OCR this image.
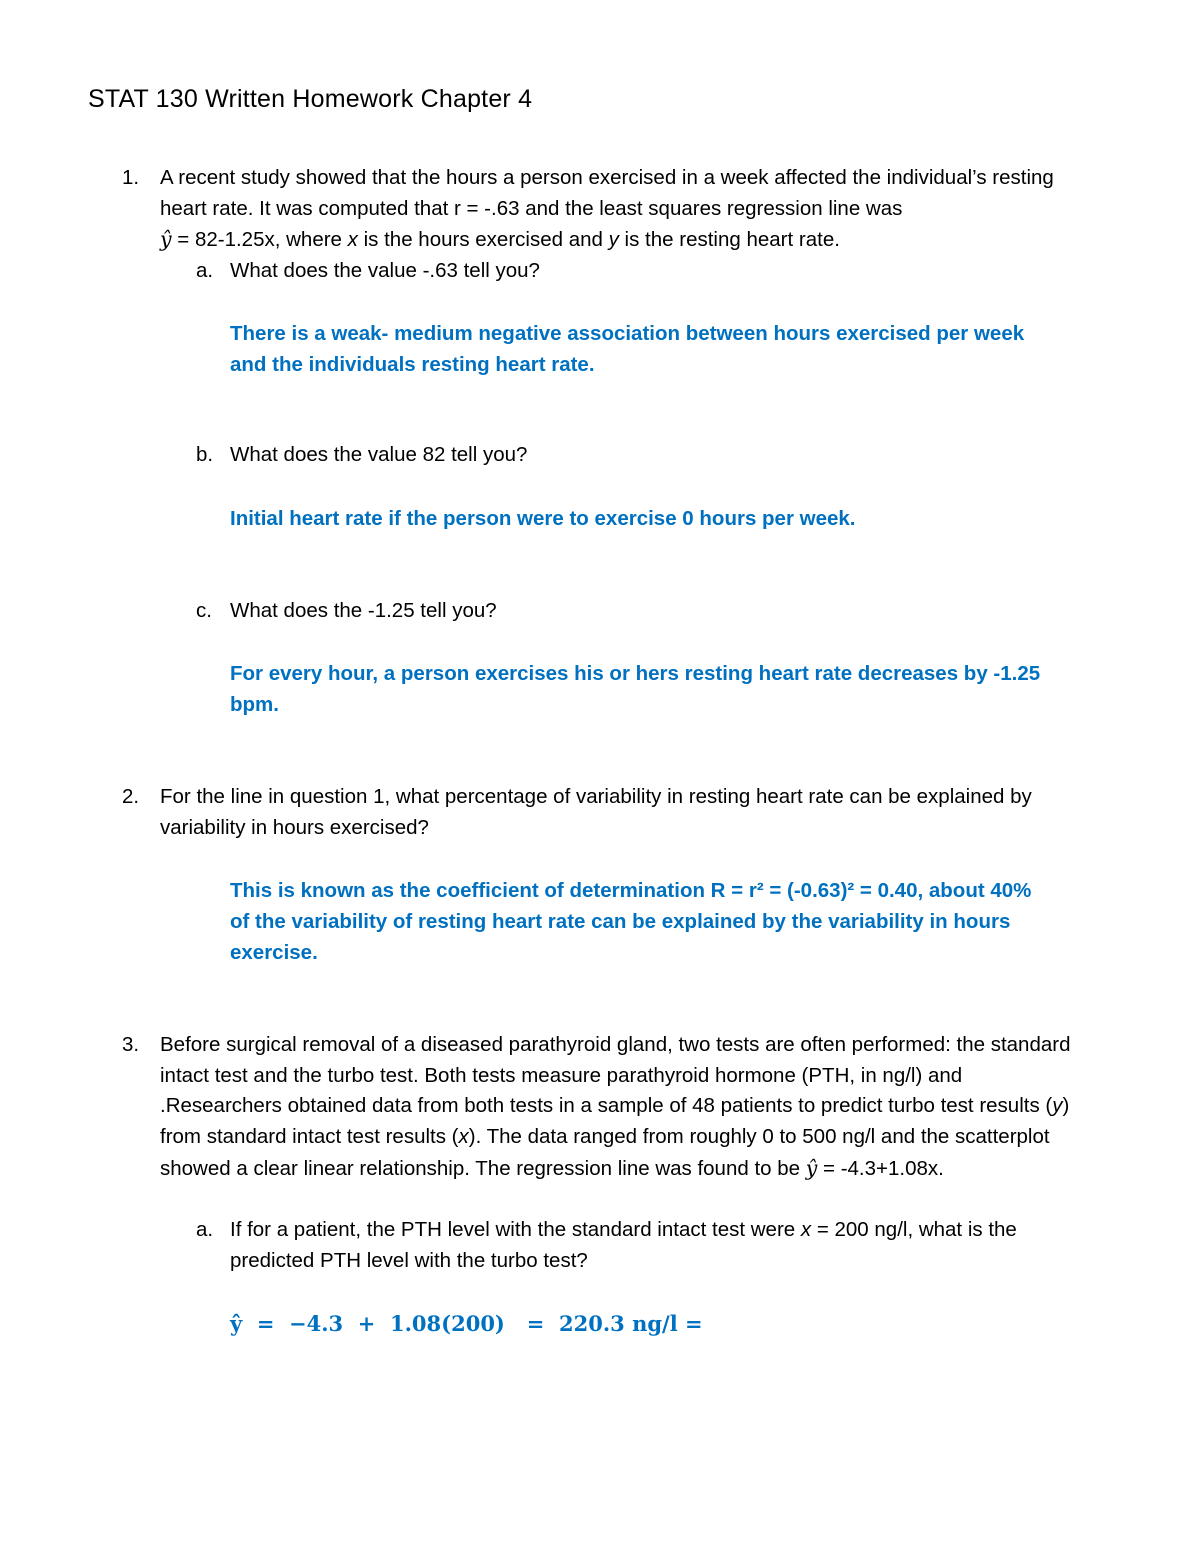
STAT 130 Written Homework Chapter 4
1. A recent study showed that the hours a person exercised in a week affected the individual’s resting heart rate. It was computed that r = -.63 and the least squares regression line was
ŷ = 82-1.25x, where x is the hours exercised and y is the resting heart rate.
a. What does the value -.63 tell you?
There is a weak- medium negative association between hours exercised per week and the individuals resting heart rate.
b. What does the value 82 tell you?
Initial heart rate if the person were to exercise 0 hours per week.
c. What does the -1.25 tell you?
For every hour, a person exercises his or hers resting heart rate decreases by -1.25 bpm.
2. For the line in question 1, what percentage of variability in resting heart rate can be explained by variability in hours exercised?
This is known as the coefficient of determination R = r² = (-0.63)² = 0.40, about 40% of the variability of resting heart rate can be explained by the variability in hours exercise.
3. Before surgical removal of a diseased parathyroid gland, two tests are often performed: the standard intact test and the turbo test. Both tests measure parathyroid hormone (PTH, in ng/l) and .Researchers obtained data from both tests in a sample of 48 patients to predict turbo test results (y) from standard intact test results (x). The data ranged from roughly 0 to 500 ng/l and the scatterplot showed a clear linear relationship. The regression line was found to be ŷ = -4.3+1.08x.
a. If for a patient, the PTH level with the standard intact test were x = 200 ng/l, what is the predicted PTH level with the turbo test?
ŷ  =  −4.3  +  1.08(200)   =  220.3 ng/l =
